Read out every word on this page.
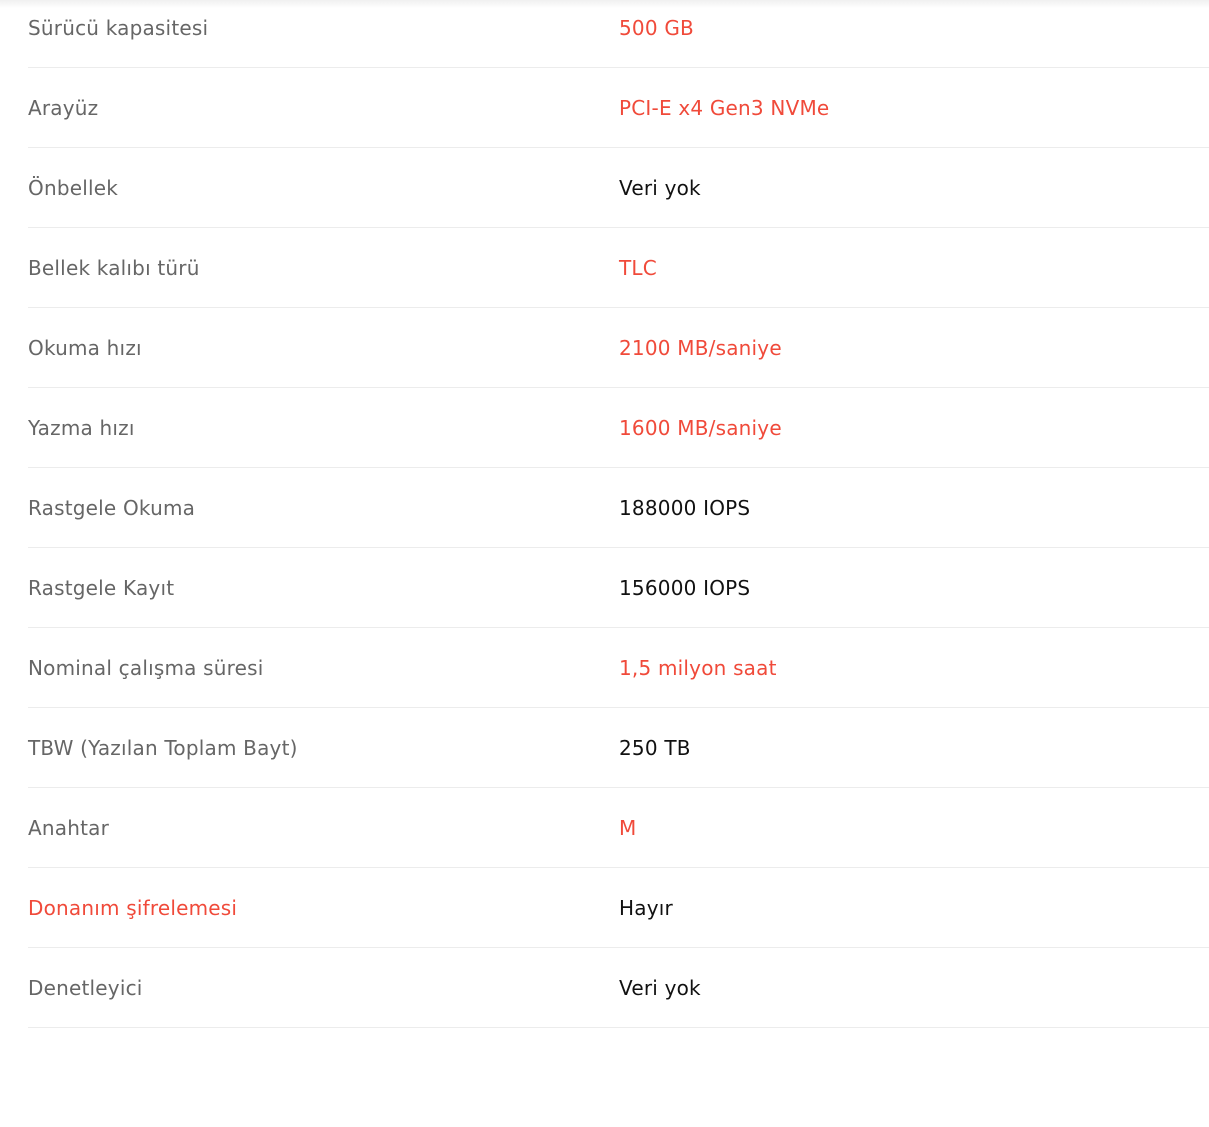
Sürücü kapasitesi	500 GB
Arayüz	PCI-E x4 Gen3 NVMe
Önbellek	Veri yok
Bellek kalıbı türü	TLC
Okuma hızı	2100 MB/saniye
Yazma hızı	1600 MB/saniye
Rastgele Okuma	188000 IOPS
Rastgele Kayıt	156000 IOPS
Nominal çalışma süresi	1,5 milyon saat
TBW (Yazılan Toplam Bayt)	250 TB
Anahtar	M
Donanım şifrelemesi	Hayır
Denetleyici	Veri yok
